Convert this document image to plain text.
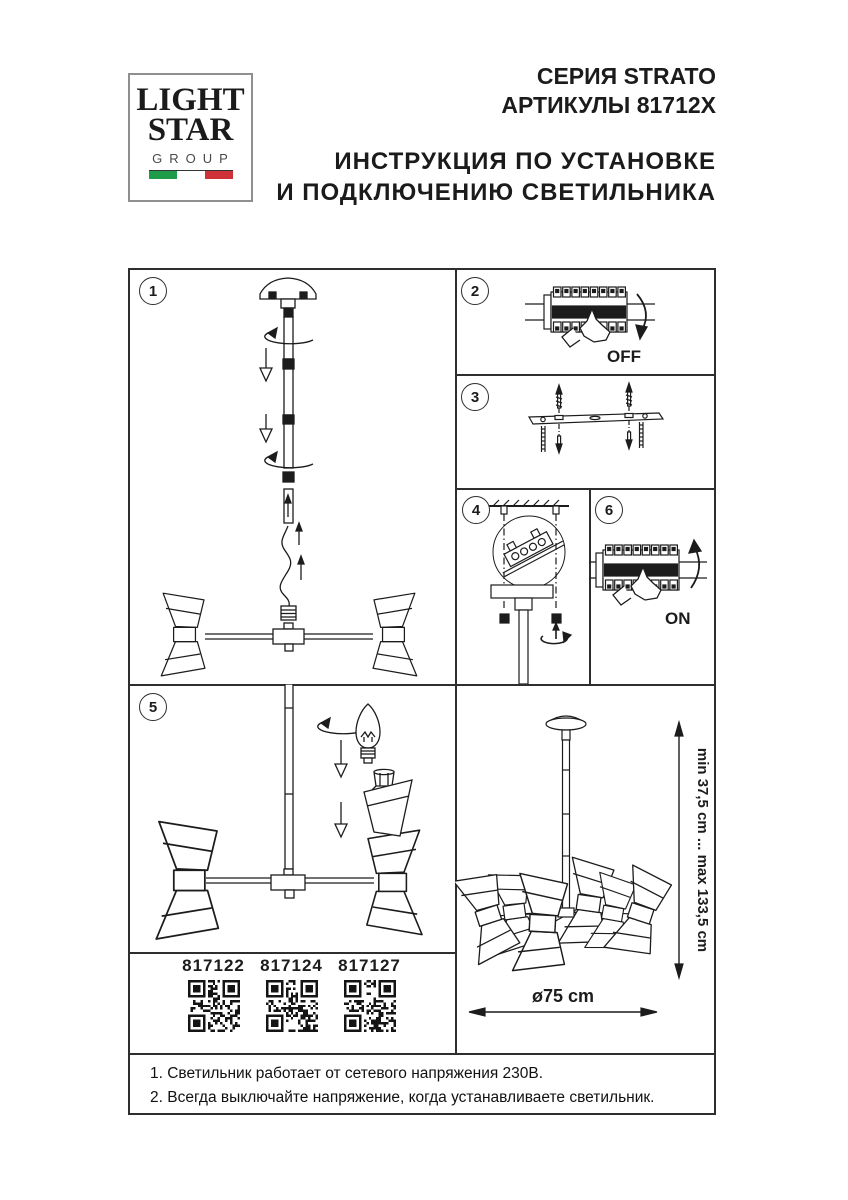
LIGHT
STAR
GROUP
СЕРИЯ STRATO
АРТИКУЛЫ 81712X
ИНСТРУКЦИЯ ПО УСТАНОВКЕ
И ПОДКЛЮЧЕНИЮ СВЕТИЛЬНИКА
1	2
3
4
5
6
OFF
ON
min 37,5 cm ... max 133,5 cm
ø75 cm
817122 817124 817127
1. Светильник работает от сетевого напряжения 230В.
2. Всегда выключайте напряжение, когда устанавливаете светильник.
